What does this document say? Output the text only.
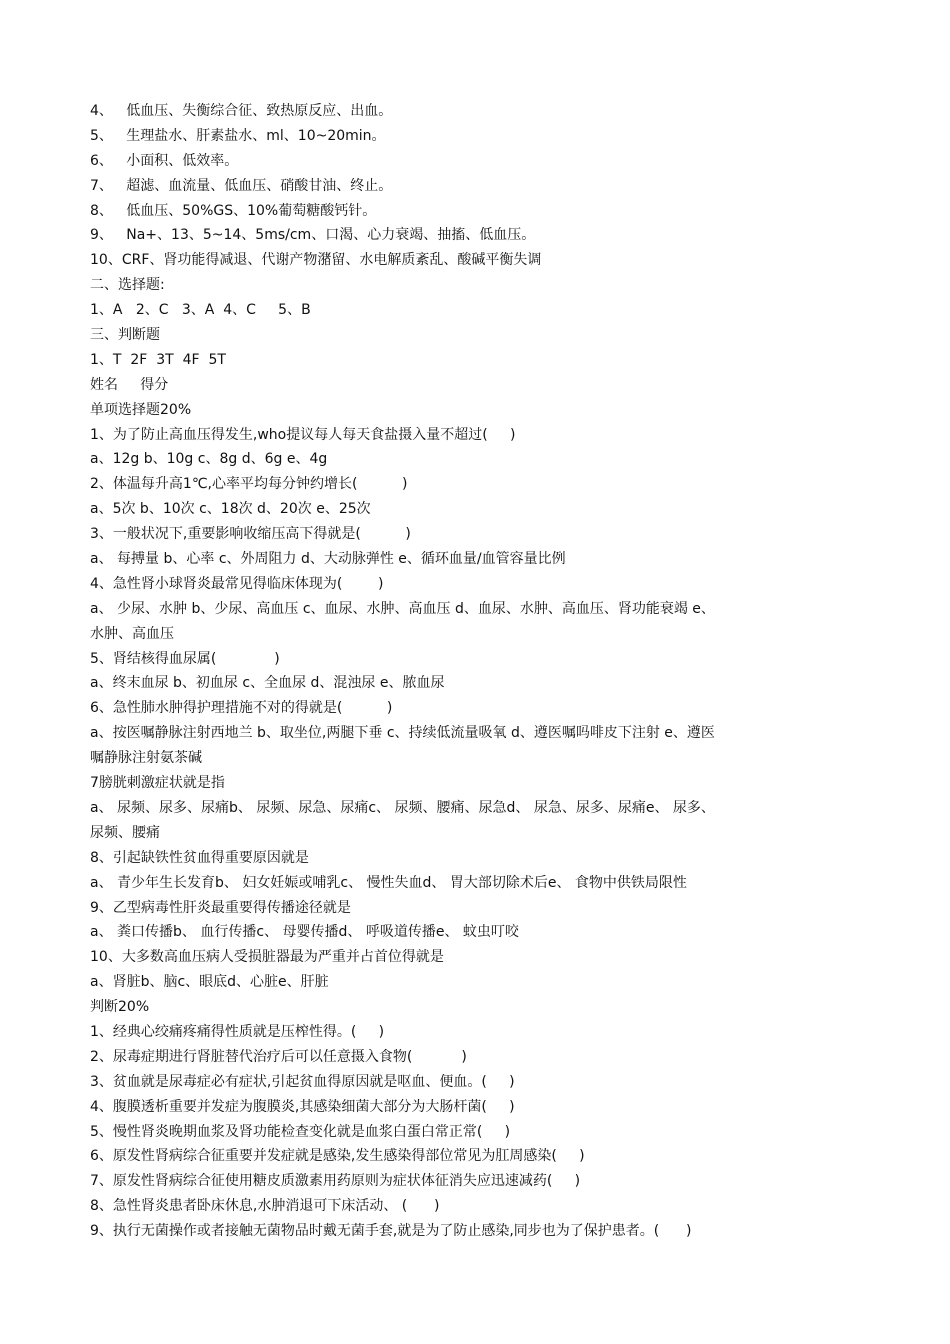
4、   低血压、失衡综合征、致热原反应、出血。
5、   生理盐水、肝素盐水、ml、10~20min。
6、   小面积、低效率。
7、   超滤、血流量、低血压、硝酸甘油、终止。
8、   低血压、50%GS、10%葡萄糖酸钙针。
9、   Na+、13、5~14、5ms/cm、口渴、心力衰竭、抽搐、低血压。
10、CRF、肾功能得减退、代谢产物潴留、水电解质紊乱、酸碱平衡失调
二、选择题:
1、A   2、C   3、A  4、C     5、B
三、判断题
1、T  2F  3T  4F  5T
姓名     得分
单项选择题20%
1、为了防止高血压得发生,who提议每人每天食盐摄入量不超过(     )
a、12g b、10g c、8g d、6g e、4g
2、体温每升高1℃,心率平均每分钟约增长(          )
a、5次 b、10次 c、18次 d、20次 e、25次
3、一般状况下,重要影响收缩压高下得就是(          )
a、 每搏量 b、心率 c、外周阻力 d、大动脉弹性 e、循环血量/血管容量比例
4、急性肾小球肾炎最常见得临床体现为(        )
a、 少尿、水肿 b、少尿、高血压 c、血尿、水肿、高血压 d、血尿、水肿、高血压、肾功能衰竭 e、
水肿、高血压
5、肾结核得血尿属(             )
a、终末血尿 b、初血尿 c、全血尿 d、混浊尿 e、脓血尿
6、急性肺水肿得护理措施不对的得就是(          )
a、按医嘱静脉注射西地兰 b、取坐位,两腿下垂 c、持续低流量吸氧 d、遵医嘱吗啡皮下注射 e、遵医
嘱静脉注射氨茶碱
7膀胱刺激症状就是指
a、 尿频、尿多、尿痛b、 尿频、尿急、尿痛c、 尿频、腰痛、尿急d、 尿急、尿多、尿痛e、 尿多、
尿频、腰痛
8、引起缺铁性贫血得重要原因就是
a、 青少年生长发育b、 妇女妊娠或哺乳c、 慢性失血d、 胃大部切除术后e、 食物中供铁局限性
9、乙型病毒性肝炎最重要得传播途径就是
a、 粪口传播b、 血行传播c、 母婴传播d、 呼吸道传播e、 蚊虫叮咬
10、大多数高血压病人受损脏器最为严重并占首位得就是
a、肾脏b、脑c、眼底d、心脏e、肝脏
判断20%
1、经典心绞痛疼痛得性质就是压榨性得。(     )
2、尿毒症期进行肾脏替代治疗后可以任意摄入食物(           )
3、贫血就是尿毒症必有症状,引起贫血得原因就是呕血、便血。(     )
4、腹膜透析重要并发症为腹膜炎,其感染细菌大部分为大肠杆菌(     )
5、慢性肾炎晚期血浆及肾功能检查变化就是血浆白蛋白常正常(     )
6、原发性肾病综合征重要并发症就是感染,发生感染得部位常见为肛周感染(     )
7、原发性肾病综合征使用糖皮质激素用药原则为症状体征消失应迅速减药(     )
8、急性肾炎患者卧床休息,水肿消退可下床活动、 (      )
9、执行无菌操作或者接触无菌物品时戴无菌手套,就是为了防止感染,同步也为了保护患者。(      )
